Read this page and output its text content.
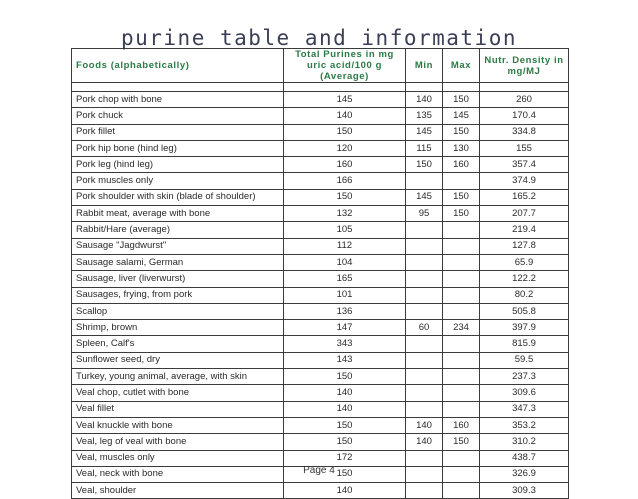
purine table and information
Foods (alphabetically)	Total Purines in mg uric acid/100 g (Average)	Min	Max	Nutr. Density in mg/MJ

Pork chop with bone	145	140	150	260
Pork chuck	140	135	145	170.4
Pork fillet	150	145	150	334.8
Pork hip bone (hind leg)	120	115	130	155
Pork leg (hind leg)	160	150	160	357.4
Pork muscles only	166			374.9
Pork shoulder with skin (blade of shoulder)	150	145	150	165.2
Rabbit meat, average with bone	132	95	150	207.7
Rabbit/Hare (average)	105			219.4
Sausage "Jagdwurst"	112			127.8
Sausage salami, German	104			65.9
Sausage, liver (liverwurst)	165			122.2
Sausages, frying, from pork	101			80.2
Scallop	136			505.8
Shrimp, brown	147	60	234	397.9
Spleen, Calf's	343			815.9
Sunflower seed, dry	143			59.5
Turkey, young animal, average, with skin	150			237.3
Veal chop, cutlet with bone	140			309.6
Veal fillet	140			347.3
Veal knuckle with bone	150	140	160	353.2
Veal, leg of veal with bone	150	140	150	310.2
Veal, muscles only	172			438.7
Veal, neck with bone	150			326.9
Veal, shoulder	140			309.3
Page 4
